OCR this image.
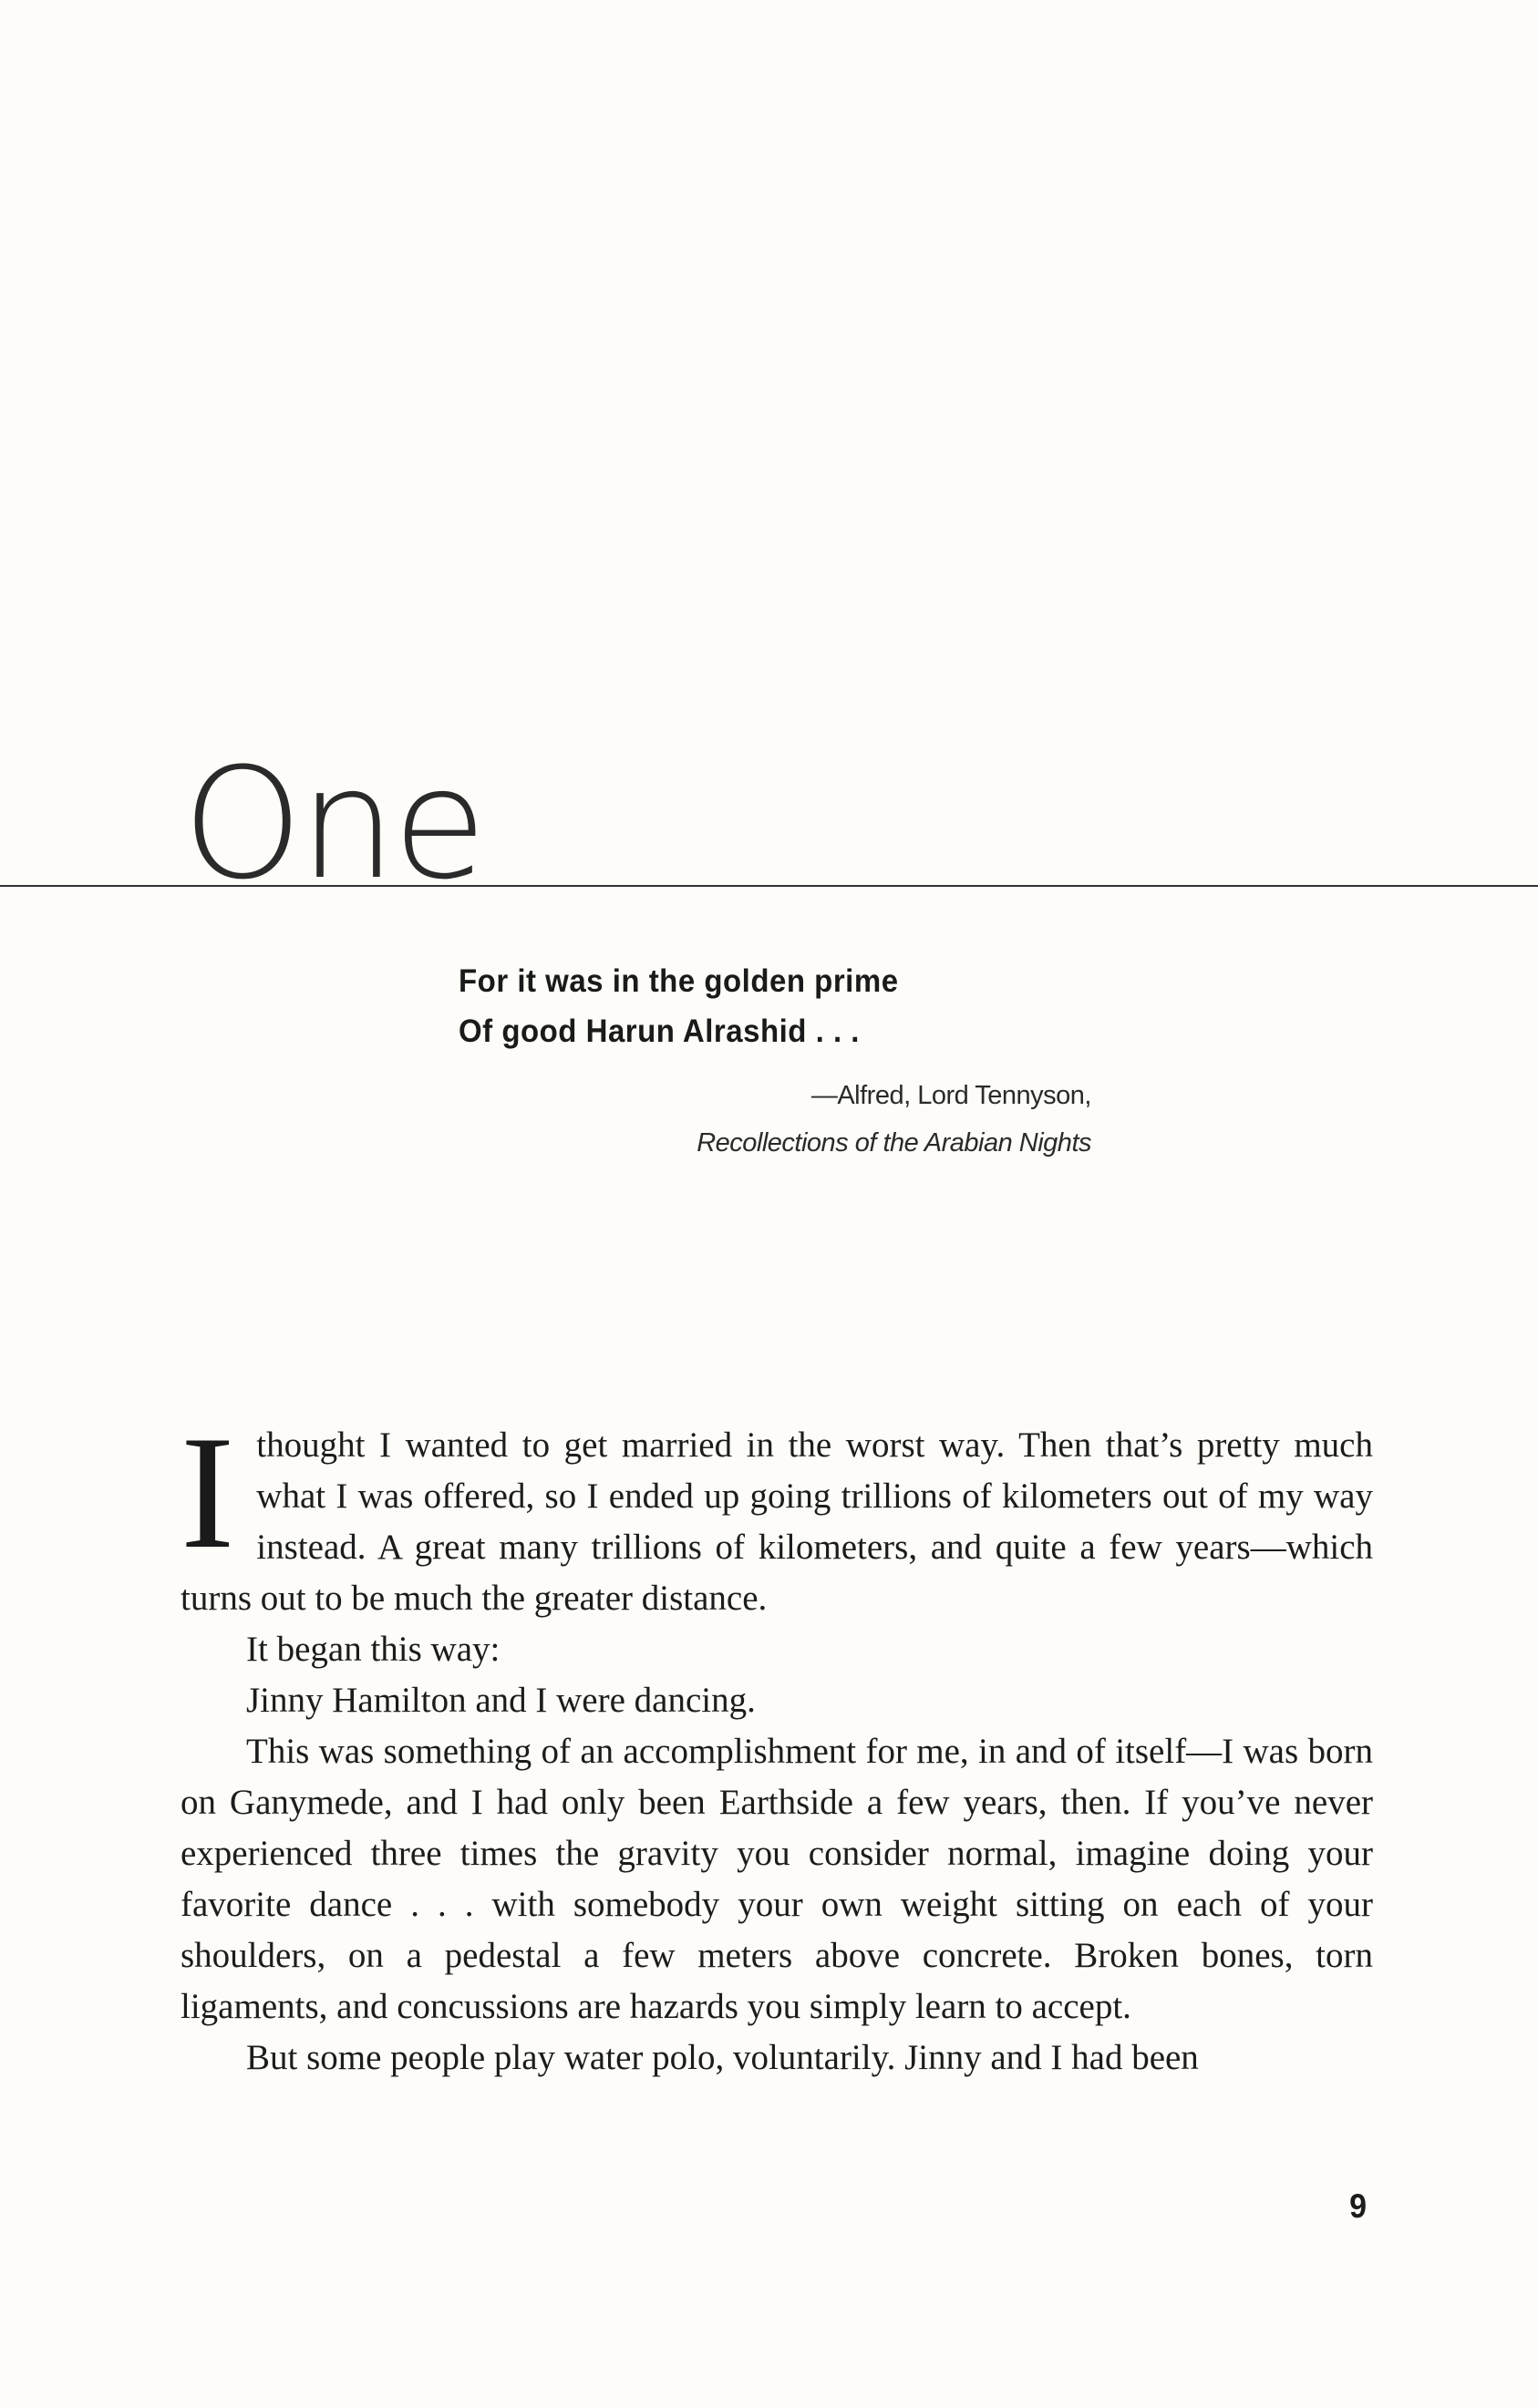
One
For it was in the golden prime
Of good Harun Alrashid . . .
—Alfred, Lord Tennyson,
Recollections of the Arabian Nights

Ithought I wanted to get married in the worst way. Then that’s pretty much what I was offered, so I ended up going trillions of kilometers out of my way instead. A great many trillions of kilometers, and quite a few years—which turns out to be much the greater distance.

It began this way:

Jinny Hamilton and I were dancing.

This was something of an accomplishment for me, in and of itself—I was born on Ganymede, and I had only been Earthside a few years, then. If you’ve never experienced three times the gravity you consider normal, imagine doing your favorite dance . . . with somebody your own weight sitting on each of your shoulders, on a pedestal a few meters above concrete. Broken bones, torn ligaments, and concussions are hazards you simply learn to accept.

But some people play water polo, voluntarily. Jinny and I had been

9
